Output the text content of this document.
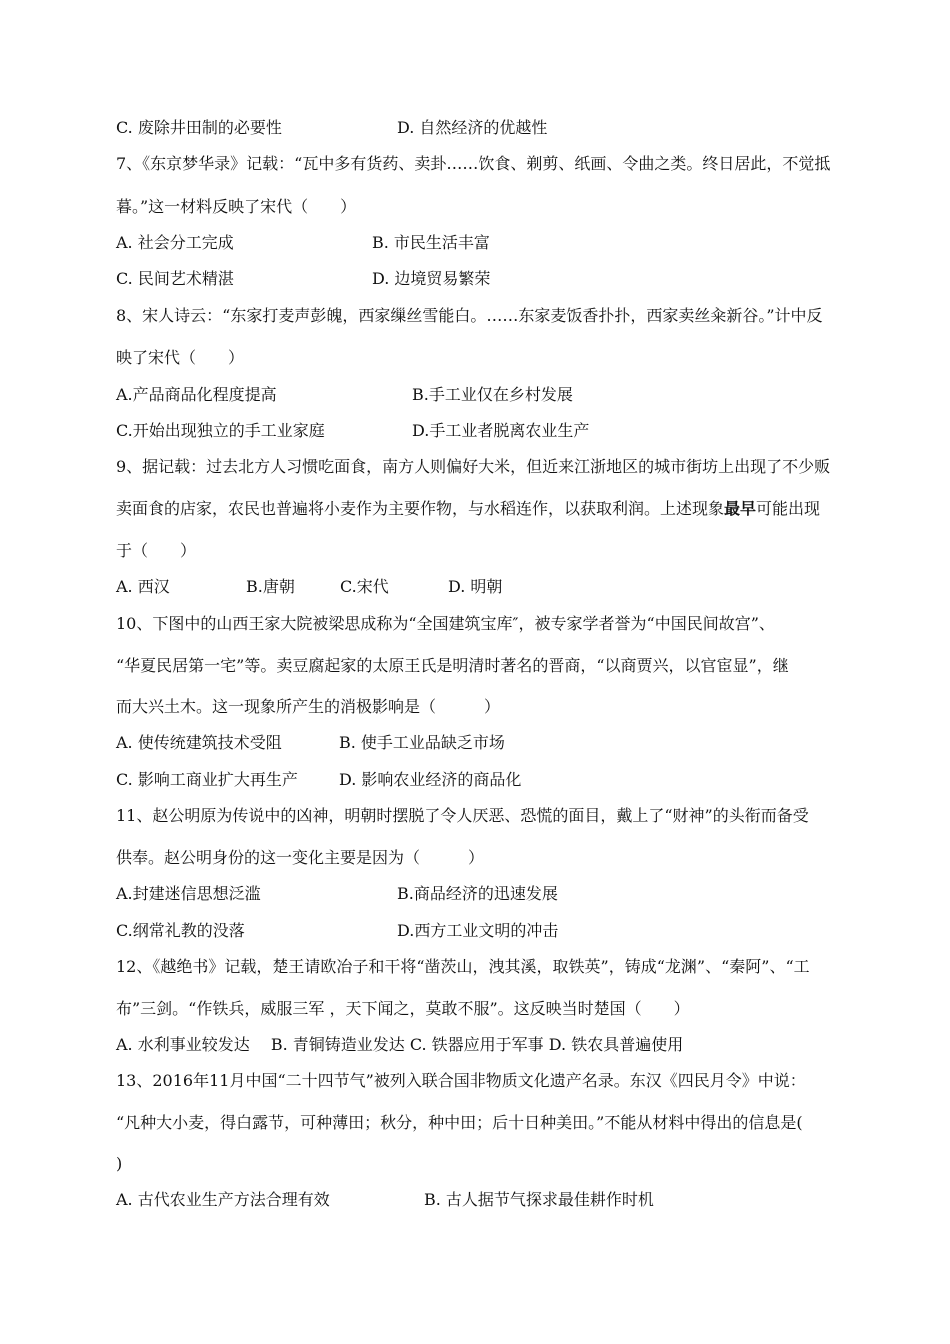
C. 废除井田制的必要性	D. 自然经济的优越性
7、《东京梦华录》记载：“瓦中多有货药、卖卦……饮食、剃剪、纸画、令曲之类。终日居此，不觉抵
暮。”这一材料反映了宋代（　　）
A. 社会分工完成	B. 市民生活丰富
C. 民间艺术精湛	D. 边境贸易繁荣
8、宋人诗云：“东家打麦声彭魄，西家缫丝雪能白。……东家麦饭香扑扑，西家卖丝籴新谷。”计中反
映了宋代（　　）
A.产品商品化程度提高	B.手工业仅在乡村发展
C.开始出现独立的手工业家庭	D.手工业者脱离农业生产
9、据记载：过去北方人习惯吃面食，南方人则偏好大米，但近来江浙地区的城市街坊上出现了不少贩
卖面食的店家，农民也普遍将小麦作为主要作物，与水稻连作，以获取利润。上述现象最早可能出现
于（　　）
A. 西汉	B.唐朝	C.宋代	D. 明朝
10、下图中的山西王家大院被梁思成称为“全国建筑宝库″，被专家学者誉为“中国民间故宫”、
“华夏民居第一宅”等。卖豆腐起家的太原王氏是明清时著名的晋商，“以商贾兴，以官宦显”，继
而大兴土木。这一现象所产生的消极影响是（　　　）
A. 使传统建筑技术受阻	B. 使手工业品缺乏市场
C. 影响工商业扩大再生产	D. 影响农业经济的商品化
11、赵公明原为传说中的凶神，明朝时摆脱了令人厌恶、恐慌的面目，戴上了“财神”的头衔而备受
供奉。赵公明身份的这一变化主要是因为（　　　）
A.封建迷信思想泛滥	B.商品经济的迅速发展
C.纲常礼教的没落	D.西方工业文明的冲击
12、《越绝书》记载，楚王请欧冶子和干将“凿茨山，洩其溪，取铁英”，铸成“龙渊”、“秦阿”、“工
布”三剑。“作铁兵，威服三军 ，天下闻之，莫敢不服”。这反映当时楚国（　　）
A. 水利事业较发达　 B. 青铜铸造业发达 C. 铁器应用于军事 D. 铁农具普遍使用
13、2016年11月中国“二十四节气”被列入联合国非物质文化遗产名录。东汉《四民月令》中说：
“凡种大小麦，得白露节，可种薄田；秋分，种中田；后十日种美田。”不能从材料中得出的信息是(
)
A. 古代农业生产方法合理有效	B. 古人据节气探求最佳耕作时机
